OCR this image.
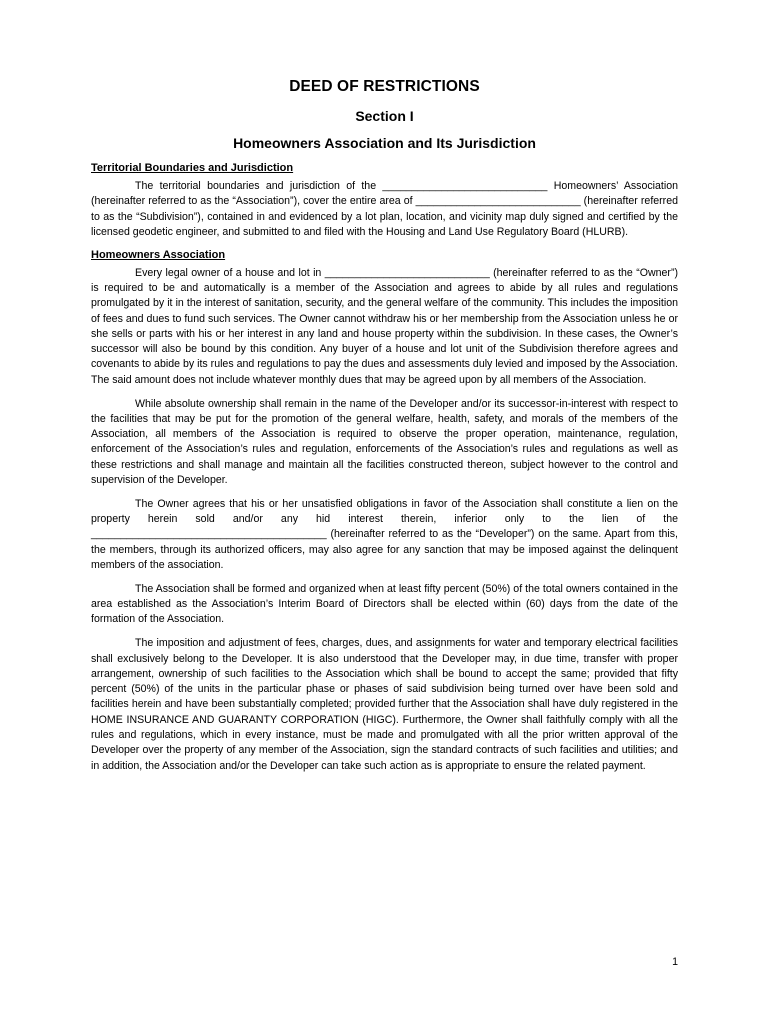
DEED OF RESTRICTIONS
Section I
Homeowners Association and Its Jurisdiction
Territorial Boundaries and Jurisdiction

The territorial boundaries and jurisdiction of the ____________________________ Homeowners’ Association (hereinafter referred to as the “Association”), cover the entire area of ____________________________ (hereinafter referred to as the “Subdivision”), contained in and evidenced by a lot plan, location, and vicinity map duly signed and certified by the licensed geodetic engineer, and submitted to and filed with the Housing and Land Use Regulatory Board (HLURB).

Homeowners Association

Every legal owner of a house and lot in ____________________________ (hereinafter referred to as the “Owner”) is required to be and automatically is a member of the Association and agrees to abide by all rules and regulations promulgated by it in the interest of sanitation, security, and the general welfare of the community. This includes the imposition of fees and dues to fund such services. The Owner cannot withdraw his or her membership from the Association unless he or she sells or parts with his or her interest in any land and house property within the subdivision. In these cases, the Owner’s successor will also be bound by this condition. Any buyer of a house and lot unit of the Subdivision therefore agrees and covenants to abide by its rules and regulations to pay the dues and assessments duly levied and imposed by the Association. The said amount does not include whatever monthly dues that may be agreed upon by all members of the Association.

While absolute ownership shall remain in the name of the Developer and/or its successor-in-interest with respect to the facilities that may be put for the promotion of the general welfare, health, safety, and morals of the members of the Association, all members of the Association is required to observe the proper operation, maintenance, regulation, enforcement of the Association’s rules and regulation, enforcements of the Association’s rules and regulations as well as these restrictions and shall manage and maintain all the facilities constructed thereon, subject however to the control and supervision of the Developer.

The Owner agrees that his or her unsatisfied obligations in favor of the Association shall constitute a lien on the property herein sold and/or any hid interest therein, inferior only to the lien of the ________________________________________ (hereinafter referred to as the “Developer”) on the same. Apart from this, the members, through its authorized officers, may also agree for any sanction that may be imposed against the delinquent members of the association.

The Association shall be formed and organized when at least fifty percent (50%) of the total owners contained in the area established as the Association’s Interim Board of Directors shall be elected within (60) days from the date of the formation of the Association.

The imposition and adjustment of fees, charges, dues, and assignments for water and temporary electrical facilities shall exclusively belong to the Developer. It is also understood that the Developer may, in due time, transfer with proper arrangement, ownership of such facilities to the Association which shall be bound to accept the same; provided that fifty percent (50%) of the units in the particular phase or phases of said subdivision being turned over have been sold and facilities herein and have been substantially completed; provided further that the Association shall have duly registered in the HOME INSURANCE AND GUARANTY CORPORATION (HIGC). Furthermore, the Owner shall faithfully comply with all the rules and regulations, which in every instance, must be made and promulgated with all the prior written approval of the Developer over the property of any member of the Association, sign the standard contracts of such facilities and utilities; and in addition, the Association and/or the Developer can take such action as is appropriate to ensure the related payment.

1
